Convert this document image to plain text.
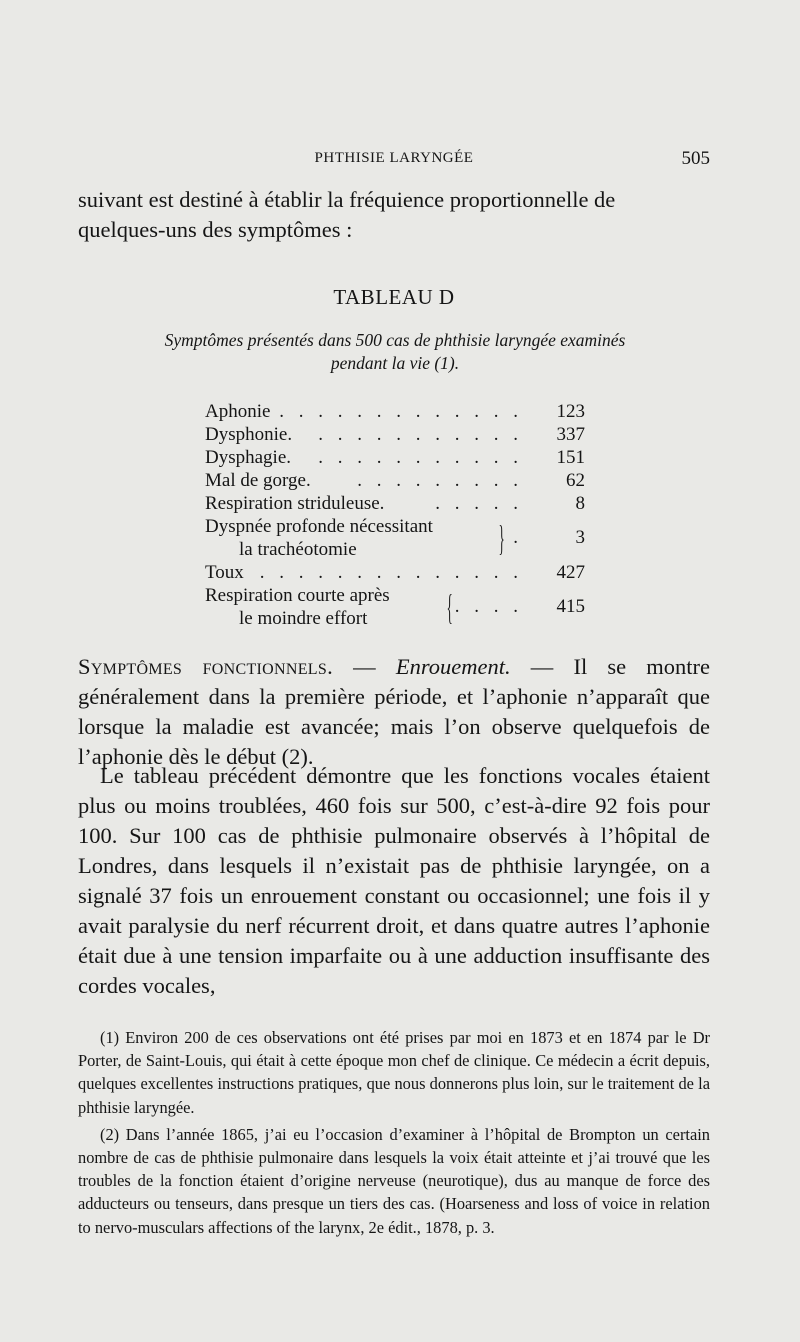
PHTHISIE LARYNGÉE	505
suivant est destiné à établir la fréquience proportionnelle de
quelques-uns des symptômes :
TABLEAU D
Symptômes présentés dans 500 cas de phthisie laryngée examinés
pendant la vie (1).
Aphonie . . . . . . . . . . . . .	123
Dysphonie.	. . . . . . . . . . .	337
Dysphagie.	. . . . . . . . . . .	151
Mal de gorge.	. . . . . . . . .	62
Respiration striduleuse.	. . . . .	8
Dyspnée profonde nécessitant
la trachéotomie	} .	3
Toux . . . . . . . . . . . . . .	427
Respiration courte après
le moindre effort { . . . .	415
Symptômes fonctionnels. — Enrouement. — Il se montre généralement dans la première période, et l’aphonie n’apparaît que lorsque la maladie est avancée; mais l’on observe quelquefois de l’aphonie dès le début (2).
Le tableau précédent démontre que les fonctions vocales étaient plus ou moins troublées, 460 fois sur 500, c’est-à-dire 92 fois pour 100. Sur 100 cas de phthisie pulmonaire observés à l’hôpital de Londres, dans lesquels il n’existait pas de phthisie laryngée, on a signalé 37 fois un enrouement constant ou occasionnel; une fois il y avait paralysie du nerf récurrent droit, et dans quatre autres l’aphonie était due à une tension imparfaite ou à une adduction insuffisante des cordes vocales,

(1) Environ 200 de ces observations ont été prises par moi en 1873 et en 1874 par le Dr Porter, de Saint-Louis, qui était à cette époque mon chef de clinique. Ce médecin a écrit depuis, quelques excellentes instructions pratiques, que nous donnerons plus loin, sur le traitement de la phthisie laryngée.

(2) Dans l’année 1865, j’ai eu l’occasion d’examiner à l’hôpital de Brompton un certain nombre de cas de phthisie pulmonaire dans lesquels la voix était atteinte et j’ai trouvé que les troubles de la fonction étaient d’origine nerveuse (neurotique), dus au manque de force des adducteurs ou tenseurs, dans presque un tiers des cas. (Hoarseness and loss of voice in relation to nervo-musculars affections of the larynx, 2e édit., 1878, p. 3.
